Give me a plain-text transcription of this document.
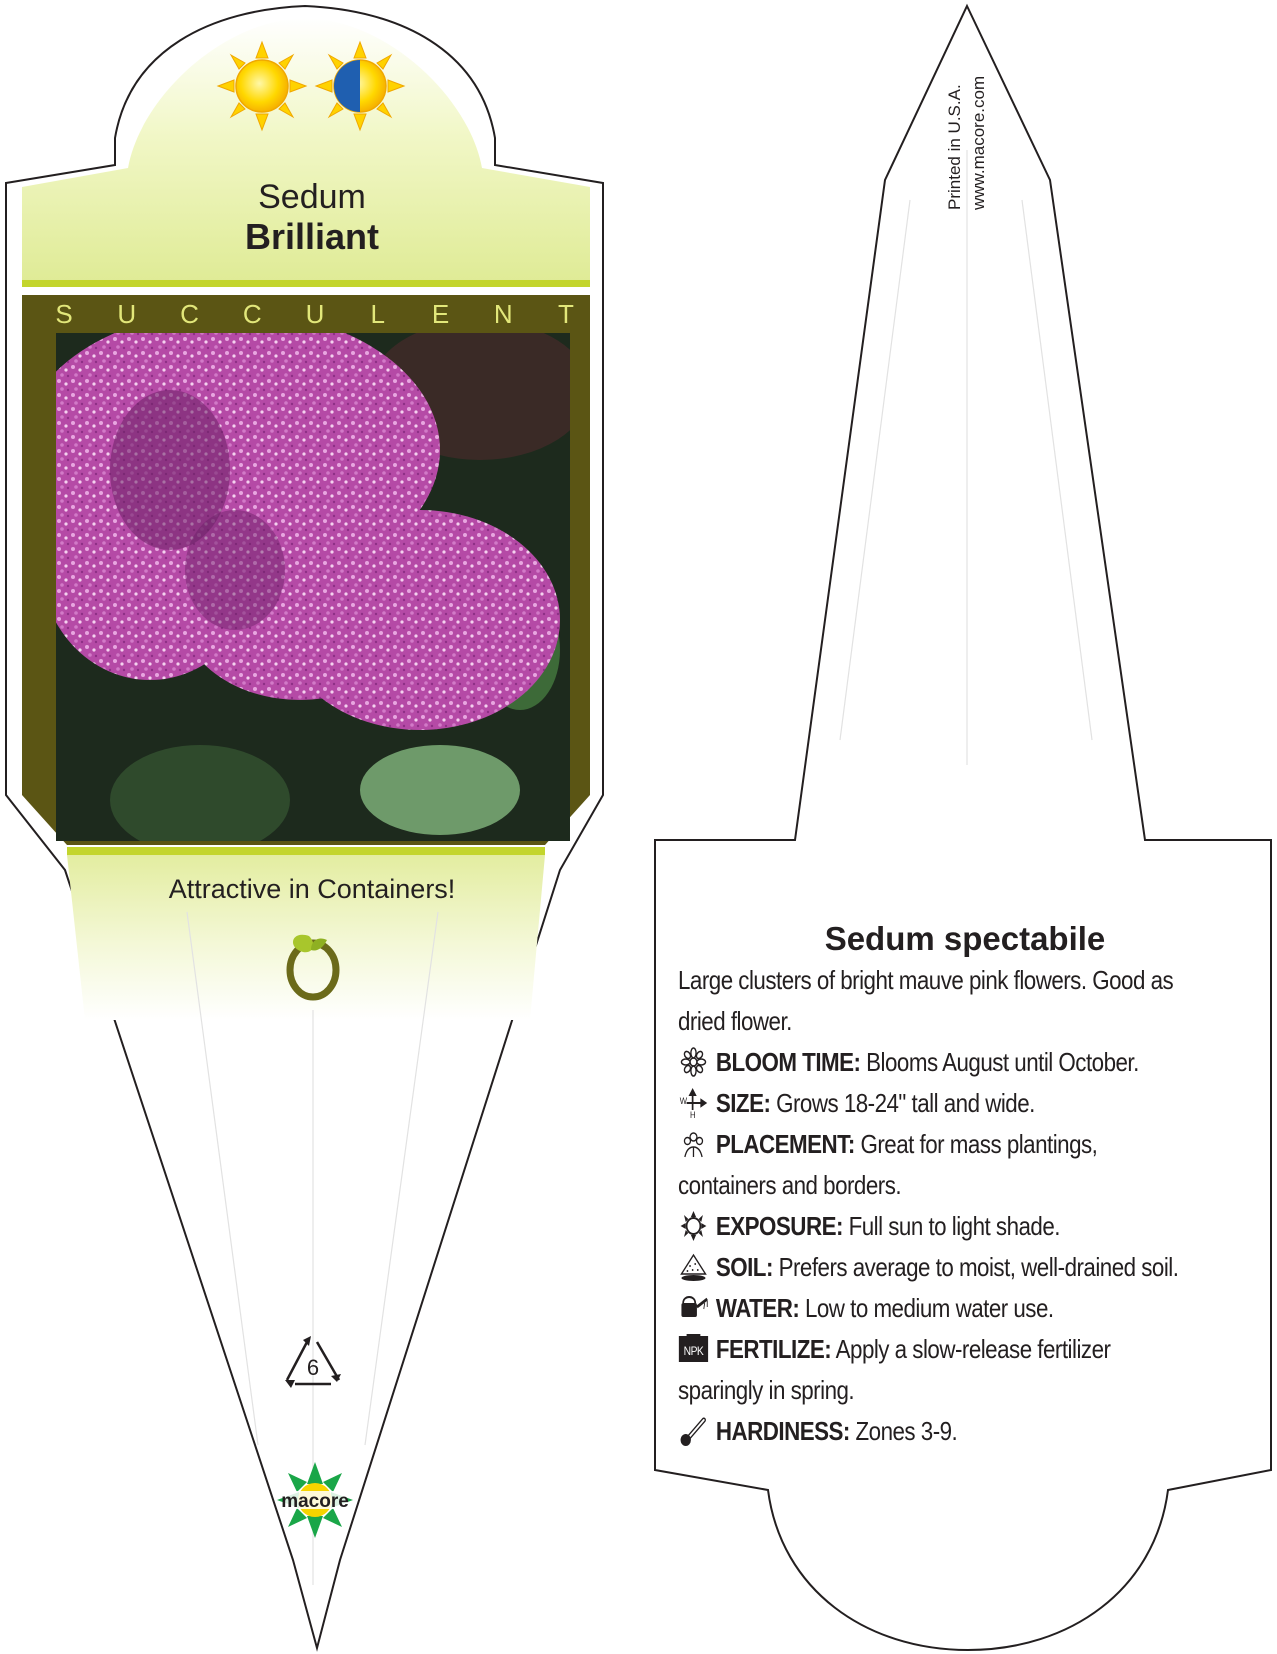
Sedum
Brilliant
S U C C U L E N T
Attractive in Containers!
6
macore
Printed in U.S.A. www.macore.com
Sedum spectabile
Large clusters of bright mauve pink flowers. Good as dried flower.
BLOOM TIME: Blooms August until October.
W
H SIZE: Grows 18-24" tall and wide.
PLACEMENT: Great for mass plantings, containers and borders.
EXPOSURE: Full sun to light shade.
SOIL: Prefers average to moist, well-drained soil.
WATER: Low to medium water use.
NPK FERTILIZE: Apply a slow-release fertilizer sparingly in spring.
HARDINESS: Zones 3-9.
